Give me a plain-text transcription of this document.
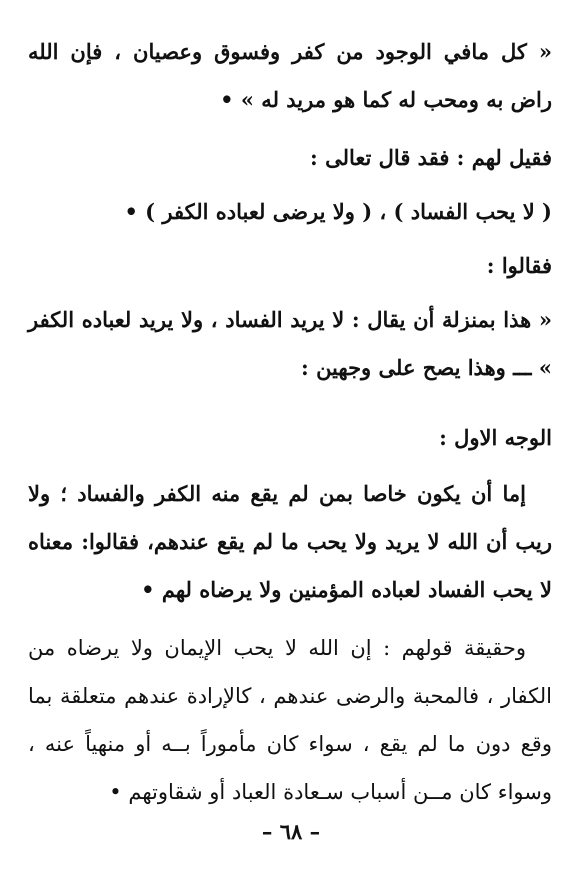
« كل مافي الوجود من كفر وفسوق وعصيان ، فإن الله راض به ومحب له كما هو مريد له » •

فقيل لهم : فقد قال تعالى :

( لا يحب الفساد ) ، ( ولا يرضى لعباده الكفر ) •

فقالوا :

« هذا بمنزلة أن يقال : لا يريد الفساد ، ولا يريد لعباده الكفر » ـــ وهذا يصح على وجهين :

الوجه الاول :

إما أن يكون خاصا بمن لم يقع منه الكفر والفساد ؛ ولا ريب أن الله لا يريد ولا يحب ما لم يقع عندهم، فقالوا: معناه لا يحب الفساد لعباده المؤمنين ولا يرضاه لهم •

وحقيقة قولهم : إن الله لا يحب الإيمان ولا يرضاه من الكفار ، فالمحبة والرضى عندهم ، كالإرادة عندهم متعلقة بما وقع دون ما لم يقع ، سواء كان مأموراً بــه أو منهياً عنه ، وسواء كان مــن أسباب سـعادة العباد أو شقاوتهم •

– ٦٨ –
